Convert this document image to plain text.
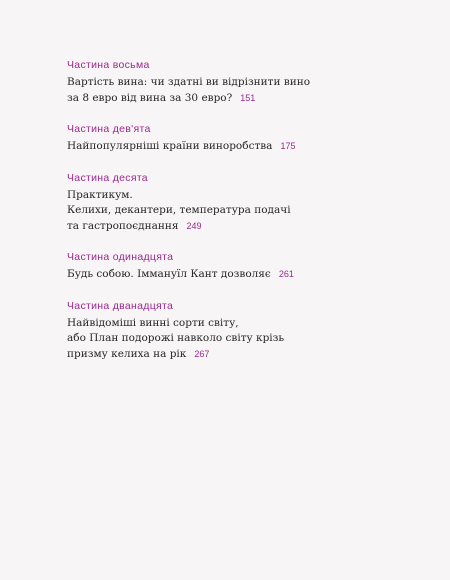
Частина восьма
Вартість вина: чи здатні ви відрізнити вино
за 8 евро від вина за 30 евро? 151
Частина дев'ята
Найпопулярніші країни виноробства 175
Частина десята
Практикум.
Келихи, декантери, температура подачі
та гастропоєднання 249
Частина одинадцята
Будь собою. Іммануїл Кант дозволяє 261
Частина дванадцята
Найвідоміші винні сорти світу,
або План подорожі навколо світу крізь
призму келиха на рік 267
